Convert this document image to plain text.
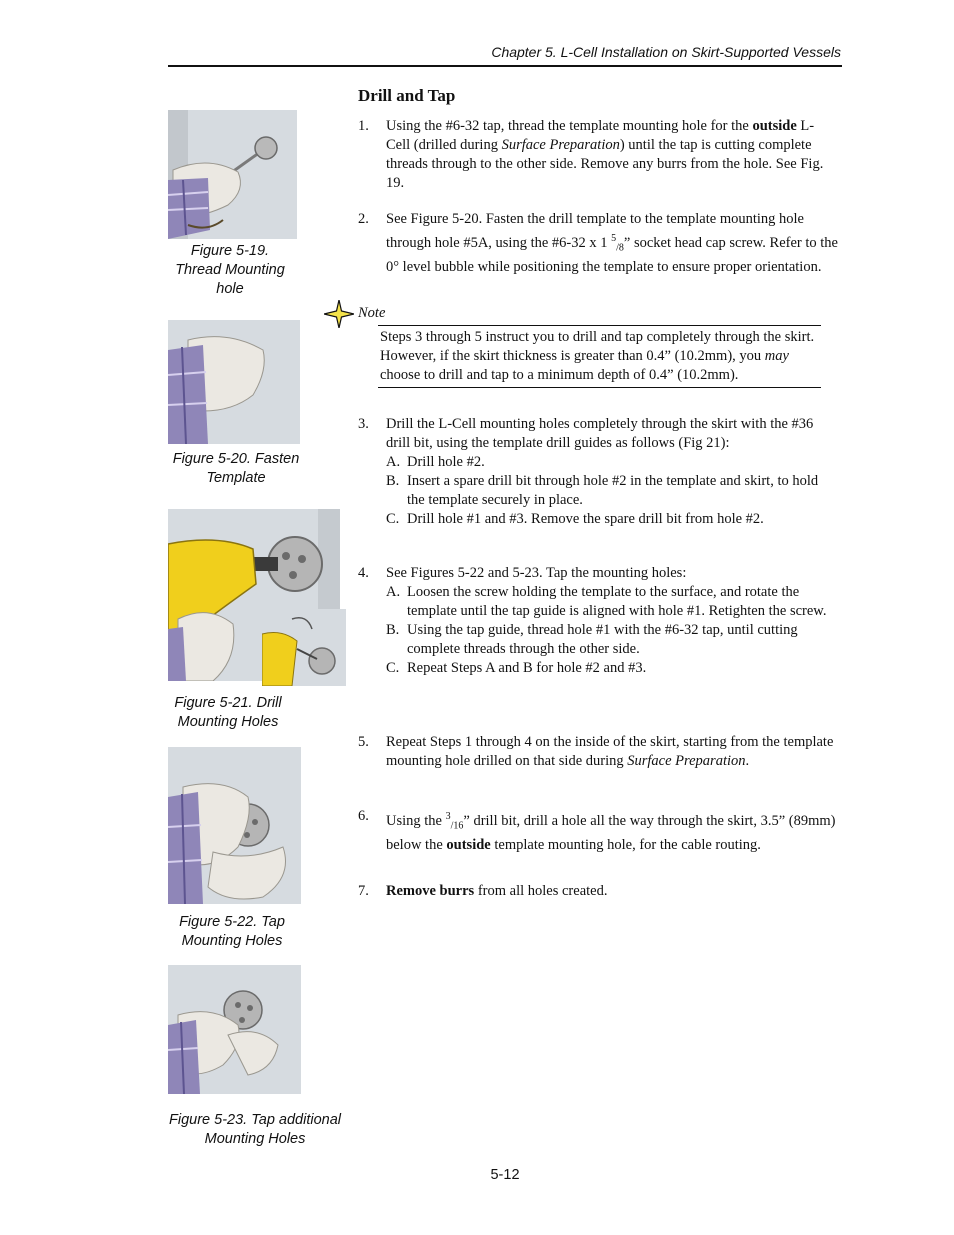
Chapter 5. L-Cell Installation on Skirt-Supported Vessels
Drill and Tap
1. Using the #6-32 tap, thread the template mounting hole for the outside L-Cell (drilled during Surface Preparation) until the tap is cutting complete threads through to the other side. Remove any burrs from the hole. See Fig. 19.
2. See Figure 5-20. Fasten the drill template to the template mounting hole through hole #5A, using the #6-32 x 1 $^5_{/8}$” socket head cap screw. Refer to the 0° level bubble while positioning the template to ensure proper orientation.
Note
Steps 3 through 5 instruct you to drill and tap completely through the skirt. However, if the skirt thickness is greater than 0.4” (10.2mm), you may choose to drill and tap to a minimum depth of 0.4” (10.2mm).
3. Drill the L-Cell mounting holes completely through the skirt with the #36 drill bit, using the template drill guides as follows (Fig 21):
A. Drill hole #2.
B. Insert a spare drill bit through hole #2 in the template and skirt, to hold the template securely in place.
C. Drill hole #1 and #3. Remove the spare drill bit from hole #2.
4. See Figures 5-22 and 5-23. Tap the mounting holes:
A. Loosen the screw holding the template to the surface, and rotate the template until the tap guide is aligned with hole #1. Retighten the screw.
B. Using the tap guide, thread hole #1 with the #6-32 tap, until cutting complete threads through the other side.
C. Repeat Steps A and B for hole #2 and #3.
5. Repeat Steps 1 through 4 on the inside of the skirt, starting from the template mounting hole drilled on that side during Surface Preparation.
6. Using the $^3_{/16}$” drill bit, drill a hole all the way through the skirt, 3.5” (89mm) below the outside template mounting hole, for the cable routing.
7. Remove burrs from all holes created.
Figure 5-19. Thread Mounting hole
Figure 5-20. Fasten Template
Figure 5-21. Drill Mounting Holes
Figure 5-22. Tap Mounting Holes
Figure 5-23. Tap additional Mounting Holes
5-12
